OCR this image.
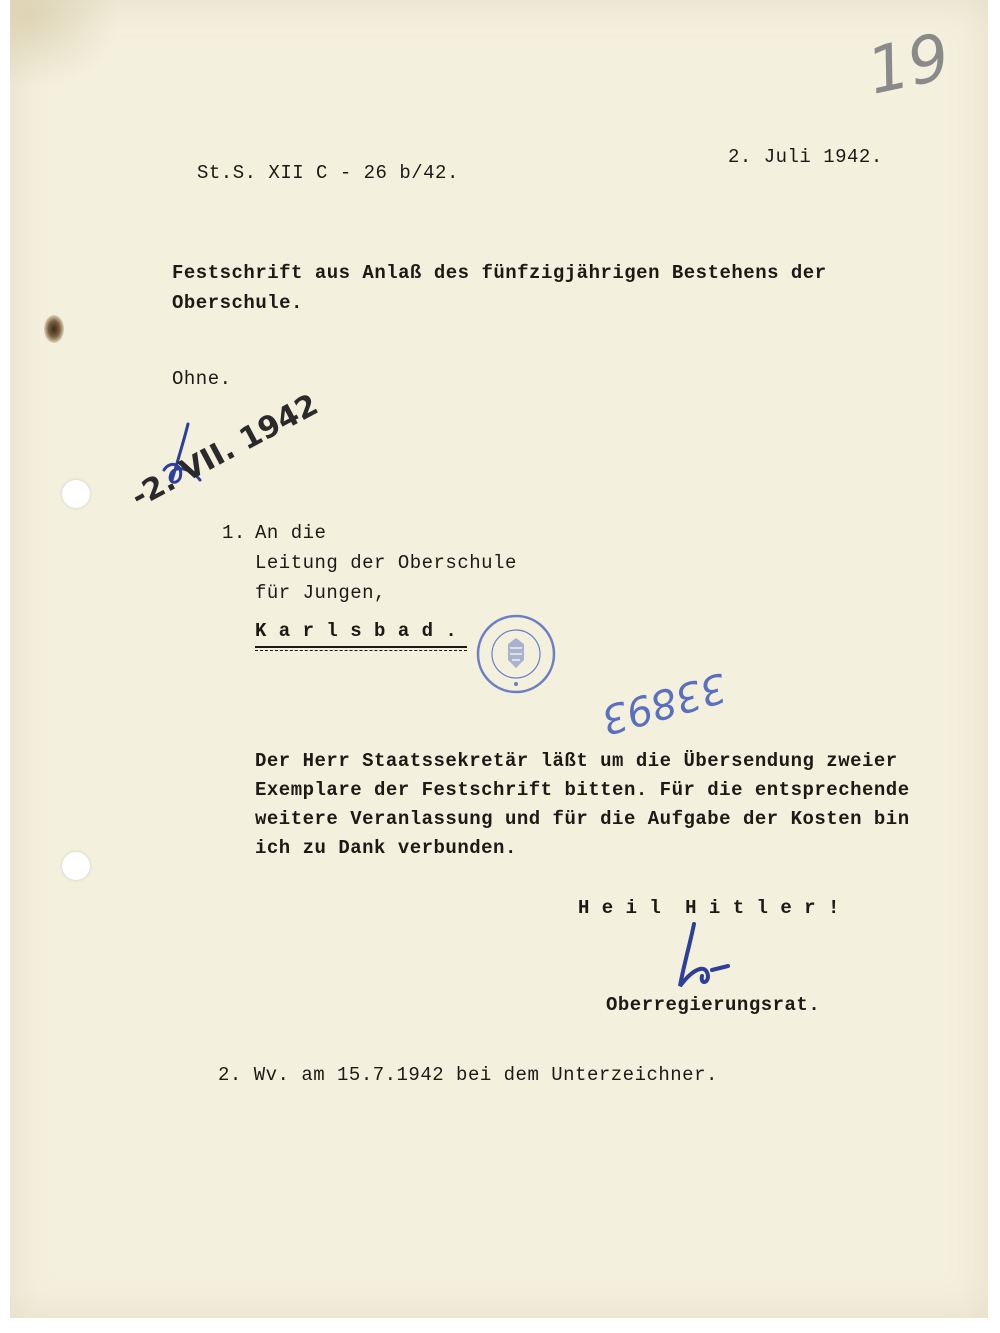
19
St.S. XII C - 26 b/42.
2. Juli 1942.
Festschrift aus Anlaß des fünfzigjährigen Bestehens der
Oberschule.
Ohne.
-2. VII. 1942
1. An die
Leitung der Oberschule
für Jungen,
K a r l s b a d .
33893
Der Herr Staatssekretär läßt um die Übersendung zweier
Exemplare der Festschrift bitten. Für die entsprechende
weitere Veranlassung und für die Aufgabe der Kosten bin
ich zu Dank verbunden.
H e i l  H i t l e r !
Oberregierungsrat.
2. Wv. am 15.7.1942 bei dem Unterzeichner.
